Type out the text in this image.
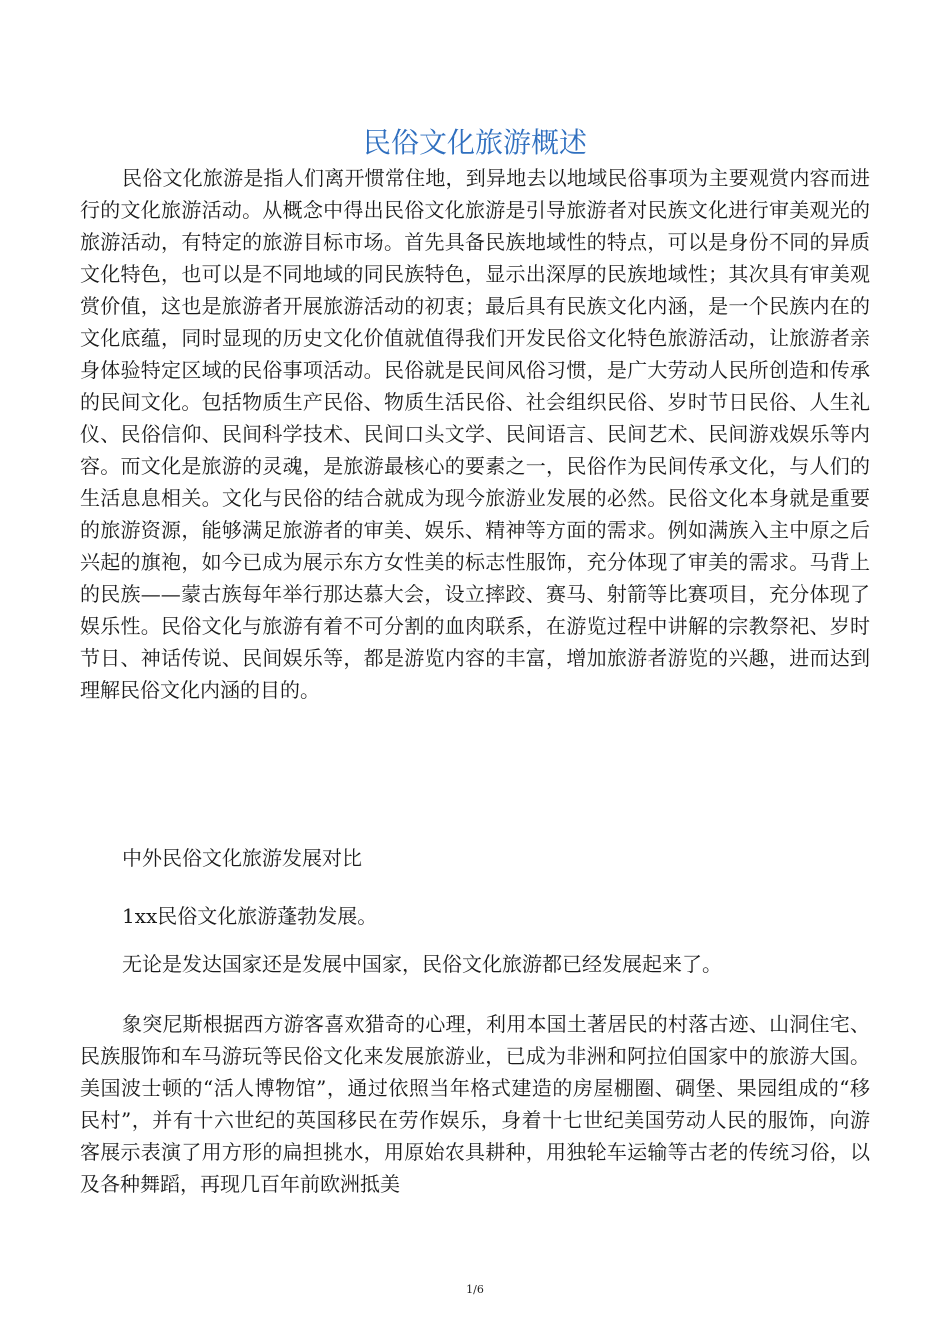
民俗文化旅游概述

民俗文化旅游是指人们离开惯常住地，到异地去以地域民俗事项为主要观赏内容而进行的文化旅游活动。从概念中得出民俗文化旅游是引导旅游者对民族文化进行审美观光的旅游活动，有特定的旅游目标市场。首先具备民族地域性的特点，可以是身份不同的异质文化特色，也可以是不同地域的同民族特色，显示出深厚的民族地域性；其次具有审美观赏价值，这也是旅游者开展旅游活动的初衷；最后具有民族文化内涵，是一个民族内在的文化底蕴，同时显现的历史文化价值就值得我们开发民俗文化特色旅游活动，让旅游者亲身体验特定区域的民俗事项活动。民俗就是民间风俗习惯，是广大劳动人民所创造和传承的民间文化。包括物质生产民俗、物质生活民俗、社会组织民俗、岁时节日民俗、人生礼仪、民俗信仰、民间科学技术、民间口头文学、民间语言、民间艺术、民间游戏娱乐等内容。而文化是旅游的灵魂，是旅游最核心的要素之一，民俗作为民间传承文化，与人们的生活息息相关。文化与民俗的结合就成为现今旅游业发展的必然。民俗文化本身就是重要的旅游资源，能够满足旅游者的审美、娱乐、精神等方面的需求。例如满族入主中原之后兴起的旗袍，如今已成为展示东方女性美的标志性服饰，充分体现了审美的需求。马背上的民族——蒙古族每年举行那达慕大会，设立摔跤、赛马、射箭等比赛项目，充分体现了娱乐性。民俗文化与旅游有着不可分割的血肉联系，在游览过程中讲解的宗教祭祀、岁时节日、神话传说、民间娱乐等，都是游览内容的丰富，增加旅游者游览的兴趣，进而达到理解民俗文化内涵的目的。

中外民俗文化旅游发展对比

1xx民俗文化旅游蓬勃发展。

无论是发达国家还是发展中国家，民俗文化旅游都已经发展起来了。

象突尼斯根据西方游客喜欢猎奇的心理，利用本国土著居民的村落古迹、山洞住宅、民族服饰和车马游玩等民俗文化来发展旅游业，已成为非洲和阿拉伯国家中的旅游大国。美国波士顿的“活人博物馆”，通过依照当年格式建造的房屋棚圈、碉堡、果园组成的“移民村”，并有十六世纪的英国移民在劳作娱乐，身着十七世纪美国劳动人民的服饰，向游客展示表演了用方形的扁担挑水，用原始农具耕种，用独轮车运输等古老的传统习俗，以及各种舞蹈，再现几百年前欧洲抵美

1/6
